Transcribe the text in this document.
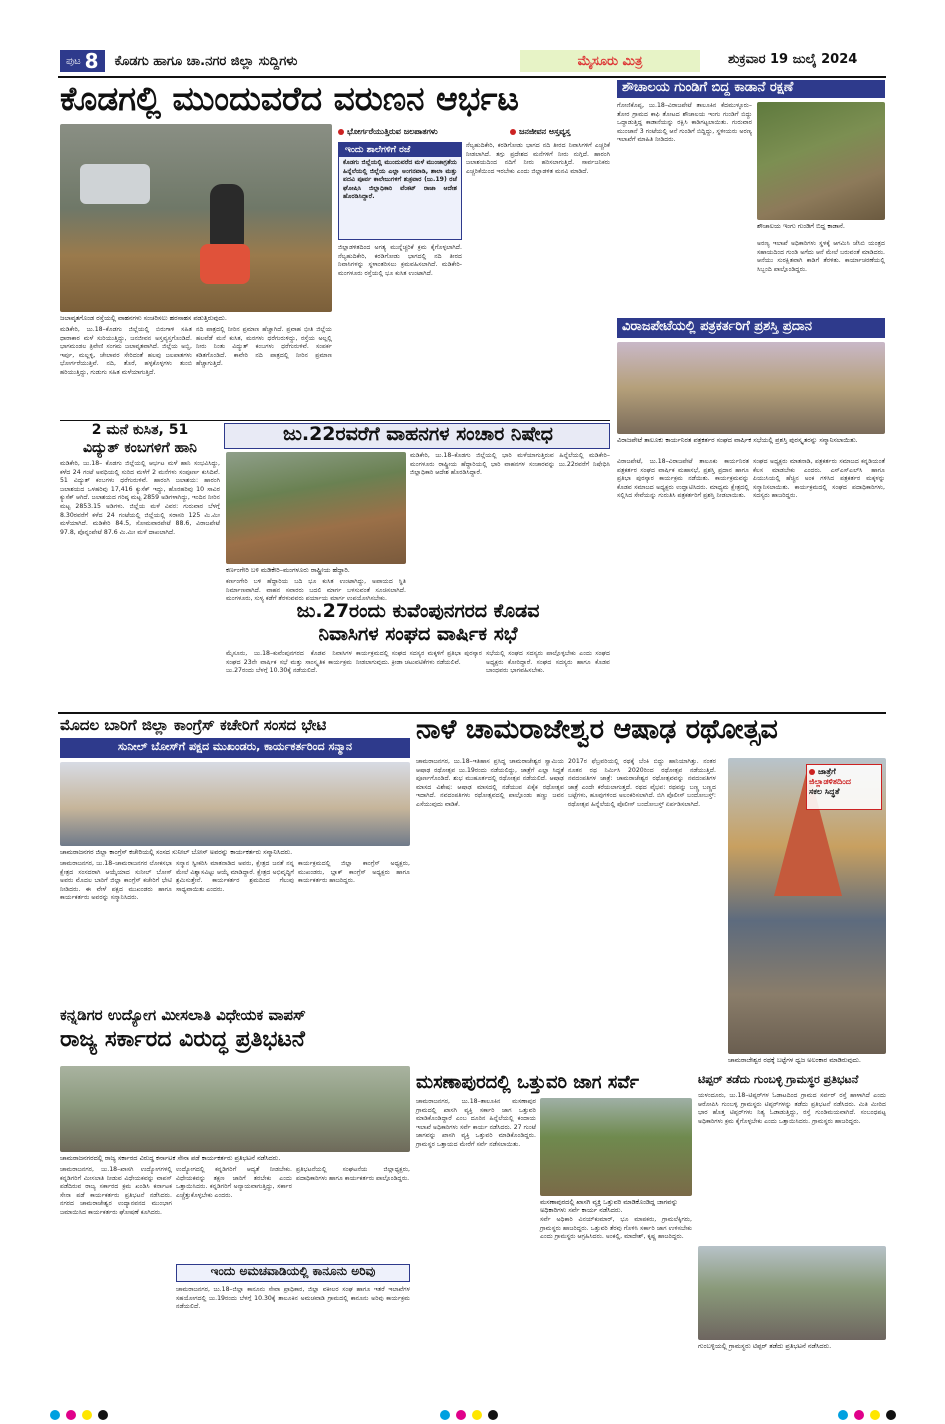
ಪುಟ 8 ಕೊಡಗು ಹಾಗೂ ಚಾ.ನಗರ ಜಿಲ್ಲಾ ಸುದ್ದಿಗಳು	ಮೈಸೂರು ಮಿತ್ರ	ಶುಕ್ರವಾರ 19 ಜುಲೈ 2024
ಕೊಡಗಲ್ಲಿ ಮುಂದುವರೆದ ವರುಣನ ಆರ್ಭಟ
ಜಲಾವೃತಗೊಂಡ ರಸ್ತೆಯಲ್ಲಿ ವಾಹನಗಳು ಸಂಚರಿಸಲು ಹರಸಾಹಸ ಪಡುತ್ತಿರುವುದು.
ಭೋರ್ಗರೆಯುತ್ತಿರುವ ಜಲಪಾತಗಳು	ಜನಜೀವನ ಅಸ್ತವ್ಯಸ್ತ
ಇಂದು ಶಾಲೆಗಳಿಗೆ ರಜೆ
ಕೊಡಗು ಜಿಲ್ಲೆಯಲ್ಲಿ ಮುಂದುವರೆದ ಮಳೆ ಮುಂಜಾಗ್ರತೆಯ ಹಿನ್ನೆಲೆಯಲ್ಲಿ ಜಿಲ್ಲೆಯ ಎಲ್ಲಾ ಅಂಗನವಾಡಿ, ಶಾಲಾ ಮತ್ತು ಪದವಿ ಪೂರ್ವ ಕಾಲೇಜುಗಳಿಗೆ ಶುಕ್ರವಾರ (ಜು.19) ರಜೆ ಘೋಷಿಸಿ ಜಿಲ್ಲಾಧಿಕಾರಿ ವೆಂಕಟ್ ರಾಜಾ ಆದೇಶ ಹೊರಡಿಸಿದ್ದಾರೆ.
ಜಿಲ್ಲಾಡಳಿತದಿಂದ ಅಗತ್ಯ ಮುನ್ನೆಚ್ಚರಿಕೆ ಕ್ರಮ ಕೈಗೊಳ್ಳಲಾಗಿದೆ. ನೆಲ್ಯಹುದಿಕೇರಿ, ಕರಡಿಗೋಡು ಭಾಗದಲ್ಲಿ ನದಿ ತೀರದ ನಿವಾಸಿಗಳನ್ನು ಸ್ಥಳಾಂತರಿಸಲು ಕ್ರಮವಹಿಸಲಾಗಿದೆ. ಮಡಿಕೇರಿ-ಮಂಗಳೂರು ರಸ್ತೆಯಲ್ಲಿ ಭೂ ಕುಸಿತ ಉಂಟಾಗಿದೆ.
ನೆಲ್ಯಹುದಿಕೇರಿ, ಕರಡಿಗೋಡು ಭಾಗದ ನದಿ ತೀರದ ನಿವಾಸಿಗಳಿಗೆ ಎಚ್ಚರಿಕೆ ನೀಡಲಾಗಿದೆ. ತಗ್ಗು ಪ್ರದೇಶದ ಮನೆಗಳಿಗೆ ನೀರು ನುಗ್ಗಿದೆ. ಹಾರಂಗಿ ಜಲಾಶಯದಿಂದ ನದಿಗೆ ನೀರು ಹರಿಸಲಾಗುತ್ತಿದೆ. ಸಾರ್ವಜನಿಕರು ಎಚ್ಚರಿಕೆಯಿಂದ ಇರಬೇಕು ಎಂದು ಜಿಲ್ಲಾಡಳಿತ ಮನವಿ ಮಾಡಿದೆ.
ಮಡಿಕೇರಿ, ಜು.18–ಕೊಡಗು ಜಿಲ್ಲೆಯಲ್ಲಿ ಬಿರುಗಾಳಿ ಸಹಿತ ಧಾರಾಕಾರ ಮಳೆ ಸುರಿಯುತ್ತಿದ್ದು, ಜನಜೀವನ ಅಸ್ತವ್ಯಸ್ತಗೊಂಡಿದೆ. ಭಾಗಮಂಡಲ ತ್ರಿವೇಣಿ ಸಂಗಮ ಜಲಾವೃತವಾಗಿದೆ. ಜಿಲ್ಲೆಯ ಅಬ್ಬಿ, ಇರ್ಪು, ಮಲ್ಲಳ್ಳಿ, ಚೇಲಾವರ ಸೇರಿದಂತೆ ಹಲವು ಜಲಪಾತಗಳು ಭೋರ್ಗರೆಯುತ್ತಿವೆ. ನದಿ, ತೊರೆ, ಹಳ್ಳಕೊಳ್ಳಗಳು ತುಂಬಿ ಹರಿಯುತ್ತಿದ್ದು, ಗುಡುಗು ಸಹಿತ ಮಳೆಯಾಗುತ್ತಿದೆ.
ನದಿ ಪಾತ್ರದಲ್ಲಿ ನೀರಿನ ಪ್ರಮಾಣ ಹೆಚ್ಚಾಗಿದೆ. ಪ್ರವಾಹ ಭೀತಿ ಜಿಲ್ಲೆಯ ಹಲವೆಡೆ ಮನೆ ಕುಸಿತ, ಮರಗಳು ಧರೆಗುರುಳಿದ್ದು, ರಸ್ತೆಯ ಅಲ್ಲಲ್ಲಿ ನೀರು ನಿಂತು ವಿದ್ಯುತ್ ಕಂಬಗಳು ಧರೆಗುರುಳಿವೆ. ಸಂಪರ್ಕ ಕಡಿತಗೊಂಡಿದೆ. ಕಾವೇರಿ ನದಿ ಪಾತ್ರದಲ್ಲಿ ನೀರಿನ ಪ್ರಮಾಣ ಹೆಚ್ಚಾಗುತ್ತಿದೆ.
ಶೌಚಾಲಯ ಗುಂಡಿಗೆ ಬಿದ್ದ ಕಾಡಾನೆ ರಕ್ಷಣೆ
ಗೋಣಿಕೊಪ್ಪ, ಜು.18–ವಿರಾಜಪೇಟೆ ತಾಲೂಕಿನ ಕೆದಮುಳ್ಳೂರು–ತೋರ ಗ್ರಾಮದ ಕಾಫಿ ತೋಟದ ಶೌಚಾಲಯ ಇಂಗು ಗುಂಡಿಗೆ ಬಿದ್ದು ಒದ್ದಾಡುತ್ತಿದ್ದ ಕಾಡಾನೆಯನ್ನು ರಕ್ಷಿಸಿ ಕಾಡಿಗಟ್ಟಲಾಯಿತು. ಗುರುವಾರ ಮುಂಜಾನೆ 3 ಗಂಟೆಯಲ್ಲಿ ಆನೆ ಗುಂಡಿಗೆ ಬಿದ್ದಿದ್ದು, ಸ್ಥಳೀಯರು ಅರಣ್ಯ ಇಲಾಖೆಗೆ ಮಾಹಿತಿ ನೀಡಿದರು.
ಶೌಚಾಲಯ ಇಂಗು ಗುಂಡಿಗೆ ಬಿದ್ದ ಕಾಡಾನೆ.
ಅರಣ್ಯ ಇಲಾಖೆ ಅಧಿಕಾರಿಗಳು ಸ್ಥಳಕ್ಕೆ ಆಗಮಿಸಿ ಜೆಸಿಬಿ ಯಂತ್ರದ ಸಹಾಯದಿಂದ ಗುಂಡಿ ಅಗೆದು ಆನೆ ಮೇಲೆ ಬರುವಂತೆ ಮಾಡಿದರು. ಆನೆಯು ಸುರಕ್ಷಿತವಾಗಿ ಕಾಡಿಗೆ ತೆರಳಿತು. ಕಾರ್ಯಾಚರಣೆಯಲ್ಲಿ ಸಿಬ್ಬಂದಿ ಪಾಲ್ಗೊಂಡಿದ್ದರು.
2 ಮನೆ ಕುಸಿತ, 51
ವಿದ್ಯುತ್ ಕಂಬಗಳಿಗೆ ಹಾನಿ
ಮಡಿಕೇರಿ, ಜು.18– ಕೊಡಗು ಜಿಲ್ಲೆಯಲ್ಲಿ ಆರ್ಭಟ ಮಳೆ ಹಾನಿ ಸಂಭವಿಸಿದ್ದು, ಕಳೆದ 24 ಗಂಟೆ ಅವಧಿಯಲ್ಲಿ ಸುರಿದ ಮಳೆಗೆ 2 ಮನೆಗಳು ಸಂಪೂರ್ಣ ಕುಸಿದಿವೆ. 51 ವಿದ್ಯುತ್ ಕಂಬಗಳು ಧರೆಗುರುಳಿವೆ. ಹಾರಂಗಿ ಜಲಾಶಯ: ಹಾರಂಗಿ ಜಲಾಶಯದ ಒಳಹರಿವು 17,416 ಕ್ಯುಸೆಕ್ ಇದ್ದು, ಹೊರಹರಿವು 10 ಸಾವಿರ ಕ್ಯುಸೆಕ್ ಆಗಿದೆ. ಜಲಾಶಯದ ಗರಿಷ್ಠ ಮಟ್ಟ 2859 ಅಡಿಗಳಾಗಿದ್ದು, ಇಂದಿನ ನೀರಿನ ಮಟ್ಟ 2853.15 ಅಡಿಗಳು. ಜಿಲ್ಲೆಯ ಮಳೆ ವಿವರ: ಗುರುವಾರ ಬೆಳಗ್ಗೆ 8.30ರವರೆಗೆ ಕಳೆದ 24 ಗಂಟೆಯಲ್ಲಿ ಜಿಲ್ಲೆಯಲ್ಲಿ ಸರಾಸರಿ 125 ಮಿ.ಮೀ ಮಳೆಯಾಗಿದೆ. ಮಡಿಕೇರಿ 84.5, ಸೋಮವಾರಪೇಟೆ 88.6, ವಿರಾಜಪೇಟೆ 97.8, ಪೊನ್ನಂಪೇಟೆ 87.6 ಮಿ.ಮೀ ಮಳೆ ದಾಖಲಾಗಿದೆ.
ಜು.22ರವರೆಗೆ ವಾಹನಗಳ ಸಂಚಾರ ನಿಷೇಧ
ಕರ್ಣಂಗೇರಿ ಬಳಿ ಮಡಿಕೇರಿ–ಮಂಗಳೂರು ರಾಷ್ಟ್ರೀಯ ಹೆದ್ದಾರಿ.
ಮಡಿಕೇರಿ, ಜು.18–ಕೊಡಗು ಜಿಲ್ಲೆಯಲ್ಲಿ ಭಾರಿ ಮಳೆಯಾಗುತ್ತಿರುವ ಹಿನ್ನೆಲೆಯಲ್ಲಿ ಮಡಿಕೇರಿ–ಮಂಗಳೂರು ರಾಷ್ಟ್ರೀಯ ಹೆದ್ದಾರಿಯಲ್ಲಿ ಭಾರಿ ವಾಹನಗಳ ಸಂಚಾರವನ್ನು ಜು.22ರವರೆಗೆ ನಿಷೇಧಿಸಿ ಜಿಲ್ಲಾಧಿಕಾರಿ ಆದೇಶ ಹೊರಡಿಸಿದ್ದಾರೆ.
ಕರ್ಣಂಗೇರಿ ಬಳಿ ಹೆದ್ದಾರಿಯ ಬದಿ ಭೂ ಕುಸಿತ ಉಂಟಾಗಿದ್ದು, ಅಪಾಯದ ಸ್ಥಿತಿ ನಿರ್ಮಾಣವಾಗಿದೆ. ವಾಹನ ಸವಾರರು ಬದಲಿ ಮಾರ್ಗ ಬಳಸುವಂತೆ ಸೂಚಿಸಲಾಗಿದೆ. ಮಂಗಳೂರು, ಸುಳ್ಯ ಕಡೆಗೆ ತೆರಳುವವರು ಪರ್ಯಾಯ ಮಾರ್ಗ ಉಪಯೋಗಿಸಬೇಕು.
ಜು.27ರಂದು ಕುವೆಂಪುನಗರದ ಕೊಡವ
ನಿವಾಸಿಗಳ ಸಂಘದ ವಾರ್ಷಿಕ ಸಭೆ
ಮೈಸೂರು, ಜು.18–ಕುವೆಂಪುನಗರದ ಕೊಡವ ನಿವಾಸಿಗಳ ಸಂಘದ 23ನೇ ವಾರ್ಷಿಕ ಸಭೆ ಮತ್ತು ಸಾಂಸ್ಕೃತಿಕ ಕಾರ್ಯಕ್ರಮ ಜು.27ರಂದು ಬೆಳಗ್ಗೆ 10.30ಕ್ಕೆ ನಡೆಯಲಿದೆ.
ಕಾರ್ಯಕ್ರಮದಲ್ಲಿ ಸಂಘದ ಸದಸ್ಯರ ಮಕ್ಕಳಿಗೆ ಪ್ರತಿಭಾ ಪುರಸ್ಕಾರ ನೀಡಲಾಗುವುದು. ಕ್ರೀಡಾ ಚಟುವಟಿಕೆಗಳು ನಡೆಯಲಿವೆ.
ಸಭೆಯಲ್ಲಿ ಸಂಘದ ಸದಸ್ಯರು ಪಾಲ್ಗೊಳ್ಳಬೇಕು ಎಂದು ಸಂಘದ ಅಧ್ಯಕ್ಷರು ಕೋರಿದ್ದಾರೆ. ಸಂಘದ ಸದಸ್ಯರು ಹಾಗೂ ಕೊಡವ ಬಾಂಧವರು ಭಾಗವಹಿಸಬೇಕು.
ವಿರಾಜಪೇಟೆಯಲ್ಲಿ ಪತ್ರಕರ್ತರಿಗೆ ಪ್ರಶಸ್ತಿ ಪ್ರದಾನ
ವಿರಾಜಪೇಟೆ ತಾಲೂಕು ಕಾರ್ಯನಿರತ ಪತ್ರಕರ್ತರ ಸಂಘದ ವಾರ್ಷಿಕ ಸಭೆಯಲ್ಲಿ ಪ್ರಶಸ್ತಿ ಪುರಸ್ಕೃತರನ್ನು ಸನ್ಮಾನಿಸಲಾಯಿತು.
ವಿರಾಜಪೇಟೆ, ಜು.18–ವಿರಾಜಪೇಟೆ ತಾಲೂಕು ಕಾರ್ಯನಿರತ ಪತ್ರಕರ್ತರ ಸಂಘದ ವಾರ್ಷಿಕ ಮಹಾಸಭೆ, ಪ್ರಶಸ್ತಿ ಪ್ರದಾನ ಹಾಗೂ ಪ್ರತಿಭಾ ಪುರಸ್ಕಾರ ಕಾರ್ಯಕ್ರಮ ನಡೆಯಿತು. ಕಾರ್ಯಕ್ರಮವನ್ನು ಕೊಡವ ಸಮಾಜದ ಅಧ್ಯಕ್ಷರು ಉದ್ಘಾಟಿಸಿದರು. ಮಾಧ್ಯಮ ಕ್ಷೇತ್ರದಲ್ಲಿ ಸಲ್ಲಿಸಿದ ಸೇವೆಯನ್ನು ಗುರುತಿಸಿ ಪತ್ರಕರ್ತರಿಗೆ ಪ್ರಶಸ್ತಿ ನೀಡಲಾಯಿತು.
ಸಂಘದ ಅಧ್ಯಕ್ಷರು ಮಾತನಾಡಿ, ಪತ್ರಕರ್ತರು ಸಮಾಜದ ಕನ್ನಡಿಯಂತೆ ಕೆಲಸ ಮಾಡಬೇಕು ಎಂದರು. ಎಸ್ಎಸ್ಎಲ್‌ಸಿ ಹಾಗೂ ಪಿಯುಸಿಯಲ್ಲಿ ಹೆಚ್ಚಿನ ಅಂಕ ಗಳಿಸಿದ ಪತ್ರಕರ್ತರ ಮಕ್ಕಳನ್ನು ಸನ್ಮಾನಿಸಲಾಯಿತು. ಕಾರ್ಯಕ್ರಮದಲ್ಲಿ ಸಂಘದ ಪದಾಧಿಕಾರಿಗಳು, ಸದಸ್ಯರು ಹಾಜರಿದ್ದರು.
ಮೊದಲ ಬಾರಿಗೆ ಜಿಲ್ಲಾ ಕಾಂಗ್ರೆಸ್ ಕಚೇರಿಗೆ ಸಂಸದ ಭೇಟಿ
ಸುನೀಲ್ ಬೋಸ್‌ಗೆ ಪಕ್ಷದ ಮುಖಂಡರು, ಕಾರ್ಯಕರ್ತರಿಂದ ಸನ್ಮಾನ
ಚಾಮರಾಜನಗರ ಜಿಲ್ಲಾ ಕಾಂಗ್ರೆಸ್ ಕಚೇರಿಯಲ್ಲಿ ಸಂಸದ ಸುನೀಲ್ ಬೋಸ್ ಅವರನ್ನು ಕಾರ್ಯಕರ್ತರು ಸನ್ಮಾನಿಸಿದರು.
ಚಾಮರಾಜನಗರ, ಜು.18–ಚಾಮರಾಜನಗರ ಲೋಕಸಭಾ ಕ್ಷೇತ್ರದ ಸಂಸದರಾಗಿ ಆಯ್ಕೆಯಾದ ಸುನೀಲ್ ಬೋಸ್ ಅವರು ಮೊದಲ ಬಾರಿಗೆ ಜಿಲ್ಲಾ ಕಾಂಗ್ರೆಸ್ ಕಚೇರಿಗೆ ಭೇಟಿ ನೀಡಿದರು. ಈ ವೇಳೆ ಪಕ್ಷದ ಮುಖಂಡರು ಹಾಗೂ ಕಾರ್ಯಕರ್ತರು ಅವರನ್ನು ಸನ್ಮಾನಿಸಿದರು.
ಸನ್ಮಾನ ಸ್ವೀಕರಿಸಿ ಮಾತನಾಡಿದ ಅವರು, ಕ್ಷೇತ್ರದ ಜನತೆ ನನ್ನ ಮೇಲೆ ವಿಶ್ವಾಸವಿಟ್ಟು ಆಯ್ಕೆ ಮಾಡಿದ್ದಾರೆ. ಕ್ಷೇತ್ರದ ಅಭಿವೃದ್ಧಿಗೆ ಶ್ರಮಿಸುತ್ತೇನೆ. ಕಾರ್ಯಕರ್ತರ ಶ್ರಮದಿಂದ ಗೆಲುವು ಸಾಧ್ಯವಾಯಿತು ಎಂದರು.
ಕಾರ್ಯಕ್ರಮದಲ್ಲಿ ಜಿಲ್ಲಾ ಕಾಂಗ್ರೆಸ್ ಅಧ್ಯಕ್ಷರು, ಮುಖಂಡರು, ಬ್ಲಾಕ್ ಕಾಂಗ್ರೆಸ್ ಅಧ್ಯಕ್ಷರು ಹಾಗೂ ಕಾರ್ಯಕರ್ತರು ಹಾಜರಿದ್ದರು.
ನಾಳೆ ಚಾಮರಾಜೇಶ್ವರ ಆಷಾಢ ರಥೋತ್ಸವ
ಚಾಮರಾಜನಗರ, ಜು.18–ಇತಿಹಾಸ ಪ್ರಸಿದ್ಧ ಚಾಮರಾಜೇಶ್ವರ ಸ್ವಾಮಿಯ ಆಷಾಢ ರಥೋತ್ಸವ ಜು.19ರಂದು ನಡೆಯಲಿದ್ದು, ಜಾತ್ರೆಗೆ ಎಲ್ಲಾ ಸಿದ್ಧತೆ ಪೂರ್ಣಗೊಂಡಿದೆ. ಶುಭ ಮುಹೂರ್ತದಲ್ಲಿ ರಥೋತ್ಸವ ನಡೆಯಲಿದೆ. ಆಷಾಢ ಮಾಸದ ವಿಶೇಷ: ಆಷಾಢ ಮಾಸದಲ್ಲಿ ನಡೆಯುವ ಏಕೈಕ ರಥೋತ್ಸವ ಇದಾಗಿದೆ. ನವದಂಪತಿಗಳು ರಥೋತ್ಸವದಲ್ಲಿ ಪಾಲ್ಗೊಂಡು ಹಣ್ಣು ಜವನ ಎಸೆಯುವುದು ವಾಡಿಕೆ.
2017ರ ಫೆಬ್ರವರಿಯಲ್ಲಿ ರಥಕ್ಕೆ ಬೆಂಕಿ ಬಿದ್ದು ಹಾನಿಯಾಗಿತ್ತು. ನಂತರ ನೂತನ ರಥ ನಿರ್ಮಿಸಿ 2020ರಿಂದ ರಥೋತ್ಸವ ನಡೆಯುತ್ತಿದೆ. ನವದಂಪತಿಗಳ ಜಾತ್ರೆ: ಚಾಮರಾಜೇಶ್ವರ ರಥೋತ್ಸವವನ್ನು ನವದಂಪತಿಗಳ ಜಾತ್ರೆ ಎಂದೇ ಕರೆಯಲಾಗುತ್ತದೆ. ರಥದ ವೈಭವ: ರಥವನ್ನು ಬಣ್ಣ ಬಣ್ಣದ ಬಟ್ಟೆಗಳು, ಹೂವುಗಳಿಂದ ಅಲಂಕರಿಸಲಾಗಿದೆ. ಬಿಗಿ ಪೊಲೀಸ್ ಬಂದೋಬಸ್ತ್: ರಥೋತ್ಸವ ಹಿನ್ನೆಲೆಯಲ್ಲಿ ಪೊಲೀಸ್ ಬಂದೋಬಸ್ತ್ ಏರ್ಪಡಿಸಲಾಗಿದೆ.
ಜಾತ್ರೆಗೆ
ಜಿಲ್ಲಾಡಳಿತದಿಂದ
ಸಕಲ ಸಿದ್ಧತೆ
ಚಾಮರಾಜೇಶ್ವರ ರಥಕ್ಕೆ ಬಟ್ಟೆಗಳ ಧ್ವಜ ಅಲಂಕಾರ ಮಾಡಿರುವುದು.
ಕನ್ನಡಿಗರ ಉದ್ಯೋಗ ಮೀಸಲಾತಿ ವಿಧೇಯಕ ವಾಪಸ್
ರಾಜ್ಯ ಸರ್ಕಾರದ ವಿರುದ್ಧ ಪ್ರತಿಭಟನೆ
ಚಾಮರಾಜನಗರದಲ್ಲಿ ರಾಜ್ಯ ಸರ್ಕಾರದ ವಿರುದ್ಧ ಕರ್ನಾಟಕ ಸೇನಾ ಪಡೆ ಕಾರ್ಯಕರ್ತರು ಪ್ರತಿಭಟನೆ ನಡೆಸಿದರು.
ಚಾಮರಾಜನಗರ, ಜು.18–ಖಾಸಗಿ ಉದ್ಯೋಗಗಳಲ್ಲಿ ಕನ್ನಡಿಗರಿಗೆ ಮೀಸಲಾತಿ ನೀಡುವ ವಿಧೇಯಕವನ್ನು ವಾಪಸ್ ಪಡೆದಿರುವ ರಾಜ್ಯ ಸರ್ಕಾರದ ಕ್ರಮ ಖಂಡಿಸಿ ಕರ್ನಾಟಕ ಸೇನಾ ಪಡೆ ಕಾರ್ಯಕರ್ತರು ಪ್ರತಿಭಟನೆ ನಡೆಸಿದರು. ನಗರದ ಚಾಮರಾಜೇಶ್ವರ ಉದ್ಯಾನವನದ ಮುಂಭಾಗ ಜಮಾಯಿಸಿದ ಕಾರ್ಯಕರ್ತರು ಘೋಷಣೆ ಕೂಗಿದರು.
ಉದ್ಯೋಗದಲ್ಲಿ ಕನ್ನಡಿಗರಿಗೆ ಆದ್ಯತೆ ನೀಡಬೇಕು. ವಿಧೇಯಕವನ್ನು ತಕ್ಷಣ ಜಾರಿಗೆ ತರಬೇಕು ಎಂದು ಒತ್ತಾಯಿಸಿದರು. ಕನ್ನಡಿಗರಿಗೆ ಅನ್ಯಾಯವಾಗುತ್ತಿದ್ದು, ಸರ್ಕಾರ ಎಚ್ಚೆತ್ತುಕೊಳ್ಳಬೇಕು ಎಂದರು.
ಪ್ರತಿಭಟನೆಯಲ್ಲಿ ಸಂಘಟನೆಯ ಜಿಲ್ಲಾಧ್ಯಕ್ಷರು, ಪದಾಧಿಕಾರಿಗಳು ಹಾಗೂ ಕಾರ್ಯಕರ್ತರು ಪಾಲ್ಗೊಂಡಿದ್ದರು.
ಇಂದು ಅಮಚವಾಡಿಯಲ್ಲಿ ಕಾನೂನು ಅರಿವು
ಚಾಮರಾಜನಗರ, ಜು.18–ಜಿಲ್ಲಾ ಕಾನೂನು ಸೇವಾ ಪ್ರಾಧಿಕಾರ, ಜಿಲ್ಲಾ ವಕೀಲರ ಸಂಘ ಹಾಗೂ ಇತರೆ ಇಲಾಖೆಗಳ ಸಹಯೋಗದಲ್ಲಿ ಜು.19ರಂದು ಬೆಳಗ್ಗೆ 10.30ಕ್ಕೆ ತಾಲೂಕಿನ ಅಮಚವಾಡಿ ಗ್ರಾಮದಲ್ಲಿ ಕಾನೂನು ಅರಿವು ಕಾರ್ಯಕ್ರಮ ನಡೆಯಲಿದೆ.
ಮಸಣಾಪುರದಲ್ಲಿ ಒತ್ತುವರಿ ಜಾಗ ಸರ್ವೆ
ಚಾಮರಾಜನಗರ, ಜು.18–ತಾಲೂಕಿನ ಮಸಣಾಪುರ ಗ್ರಾಮದಲ್ಲಿ ಖಾಸಗಿ ವ್ಯಕ್ತಿ ಸರ್ಕಾರಿ ಜಾಗ ಒತ್ತುವರಿ ಮಾಡಿಕೊಂಡಿದ್ದಾರೆ ಎಂಬ ದೂರಿನ ಹಿನ್ನೆಲೆಯಲ್ಲಿ ಕಂದಾಯ ಇಲಾಖೆ ಅಧಿಕಾರಿಗಳು ಸರ್ವೆ ಕಾರ್ಯ ನಡೆಸಿದರು. 27 ಗುಂಟೆ ಜಾಗವನ್ನು ಖಾಸಗಿ ವ್ಯಕ್ತಿ ಒತ್ತುವರಿ ಮಾಡಿಕೊಂಡಿದ್ದರು. ಗ್ರಾಮಸ್ಥರ ಒತ್ತಾಯದ ಮೇರೆಗೆ ಸರ್ವೆ ನಡೆಸಲಾಯಿತು.
ಮಸಣಾಪುರದಲ್ಲಿ ಖಾಸಗಿ ವ್ಯಕ್ತಿ ಒತ್ತುವರಿ ಮಾಡಿಕೊಂಡಿದ್ದ ಜಾಗವನ್ನು ಅಧಿಕಾರಿಗಳು ಸರ್ವೆ ಕಾರ್ಯ ನಡೆಸಿದರು.
ಸರ್ವೆ ಅಧಿಕಾರಿ ವಿನಯ್‌ಕುಮಾರ್, ಭೂ ಮಾಪಕರು, ಗ್ರಾಮಲೆಕ್ಕಿಗರು, ಗ್ರಾಮಸ್ಥರು ಹಾಜರಿದ್ದರು. ಒತ್ತುವರಿ ತೆರವು ಗೊಳಿಸಿ ಸರ್ಕಾರಿ ಜಾಗ ಉಳಿಸಬೇಕು ಎಂದು ಗ್ರಾಮಸ್ಥರು ಆಗ್ರಹಿಸಿದರು. ಅಂಕಲ್ಲಿ, ಮಾದೇಶ್, ಕೃಷ್ಣ ಹಾಜರಿದ್ದರು.
ಟಿಪ್ಪರ್ ತಡೆದು ಗುಂಬಳ್ಳಿ ಗ್ರಾಮಸ್ಥರ ಪ್ರತಿಭಟನೆ
ಯಳಂದೂರು, ಜು.18–ಟಿಪ್ಪರ್‌ಗಳ ಓಡಾಟದಿಂದ ಗ್ರಾಮದ ಸರ್ವರ್ ರಸ್ತೆ ಹಾಳಾಗಿದೆ ಎಂದು ಆರೋಪಿಸಿ ಗುಂಬಳ್ಳಿ ಗ್ರಾಮಸ್ಥರು ಟಿಪ್ಪರ್‌ಗಳನ್ನು ತಡೆದು ಪ್ರತಿಭಟನೆ ನಡೆಸಿದರು. ಮಿತಿ ಮೀರಿದ ಭಾರ ಹೊತ್ತ ಟಿಪ್ಪರ್‌ಗಳು ನಿತ್ಯ ಓಡಾಡುತ್ತಿದ್ದು, ರಸ್ತೆ ಗುಂಡಿಮಯವಾಗಿದೆ. ಸಂಬಂಧಪಟ್ಟ ಅಧಿಕಾರಿಗಳು ಕ್ರಮ ಕೈಗೊಳ್ಳಬೇಕು ಎಂದು ಒತ್ತಾಯಿಸಿದರು. ಗ್ರಾಮಸ್ಥರು ಹಾಜರಿದ್ದರು.
ಗುಂಬಳ್ಳಿಯಲ್ಲಿ ಗ್ರಾಮಸ್ಥರು ಟಿಪ್ಪರ್ ತಡೆದು ಪ್ರತಿಭಟನೆ ನಡೆಸಿದರು.
